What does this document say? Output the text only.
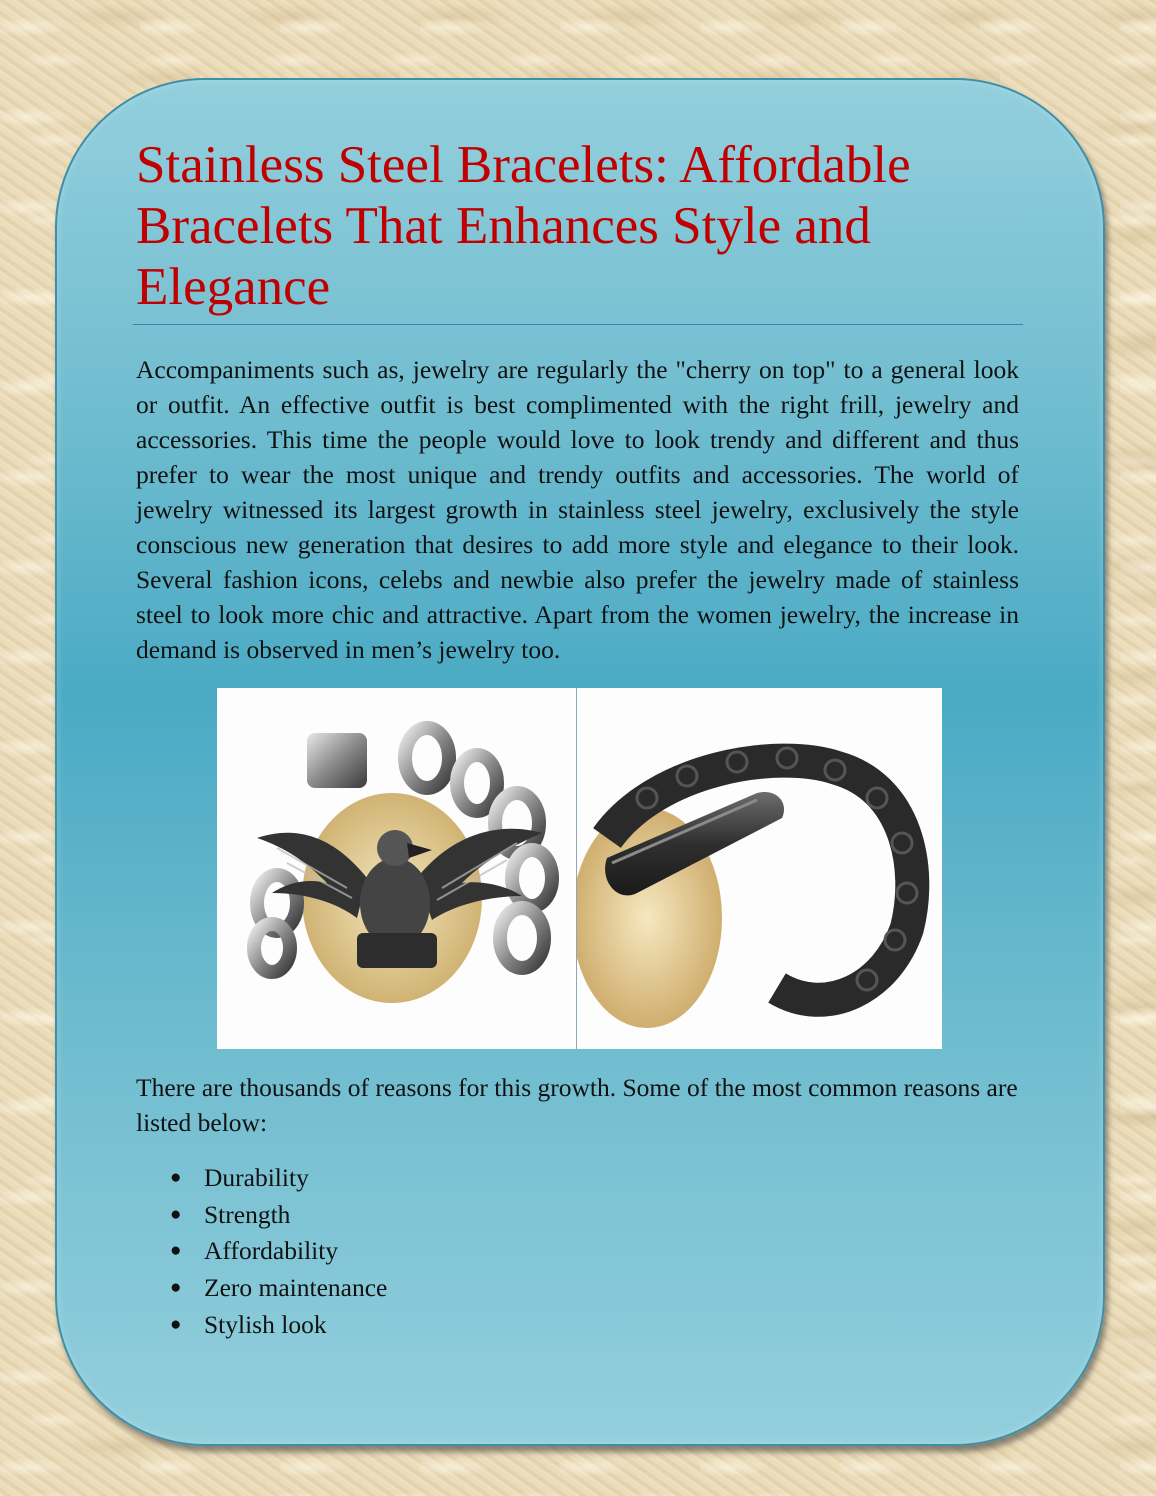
Stainless Steel Bracelets: Affordable Bracelets That Enhances Style and Elegance

Accompaniments such as, jewelry are regularly the "cherry on top" to a general look or outfit. An effective outfit is best complimented with the right frill, jewelry and accessories. This time the people would love to look trendy and different and thus prefer to wear the most unique and trendy outfits and accessories. The world of jewelry witnessed its largest growth in stainless steel jewelry, exclusively the style conscious new generation that desires to add more style and elegance to their look. Several fashion icons, celebs and newbie also prefer the jewelry made of stainless steel to look more chic and attractive. Apart from the women jewelry, the increase in demand is observed in men’s jewelry too.

There are thousands of reasons for this growth. Some of the most common reasons are listed below:

● Durability
● Strength
● Affordability
● Zero maintenance
● Stylish look
